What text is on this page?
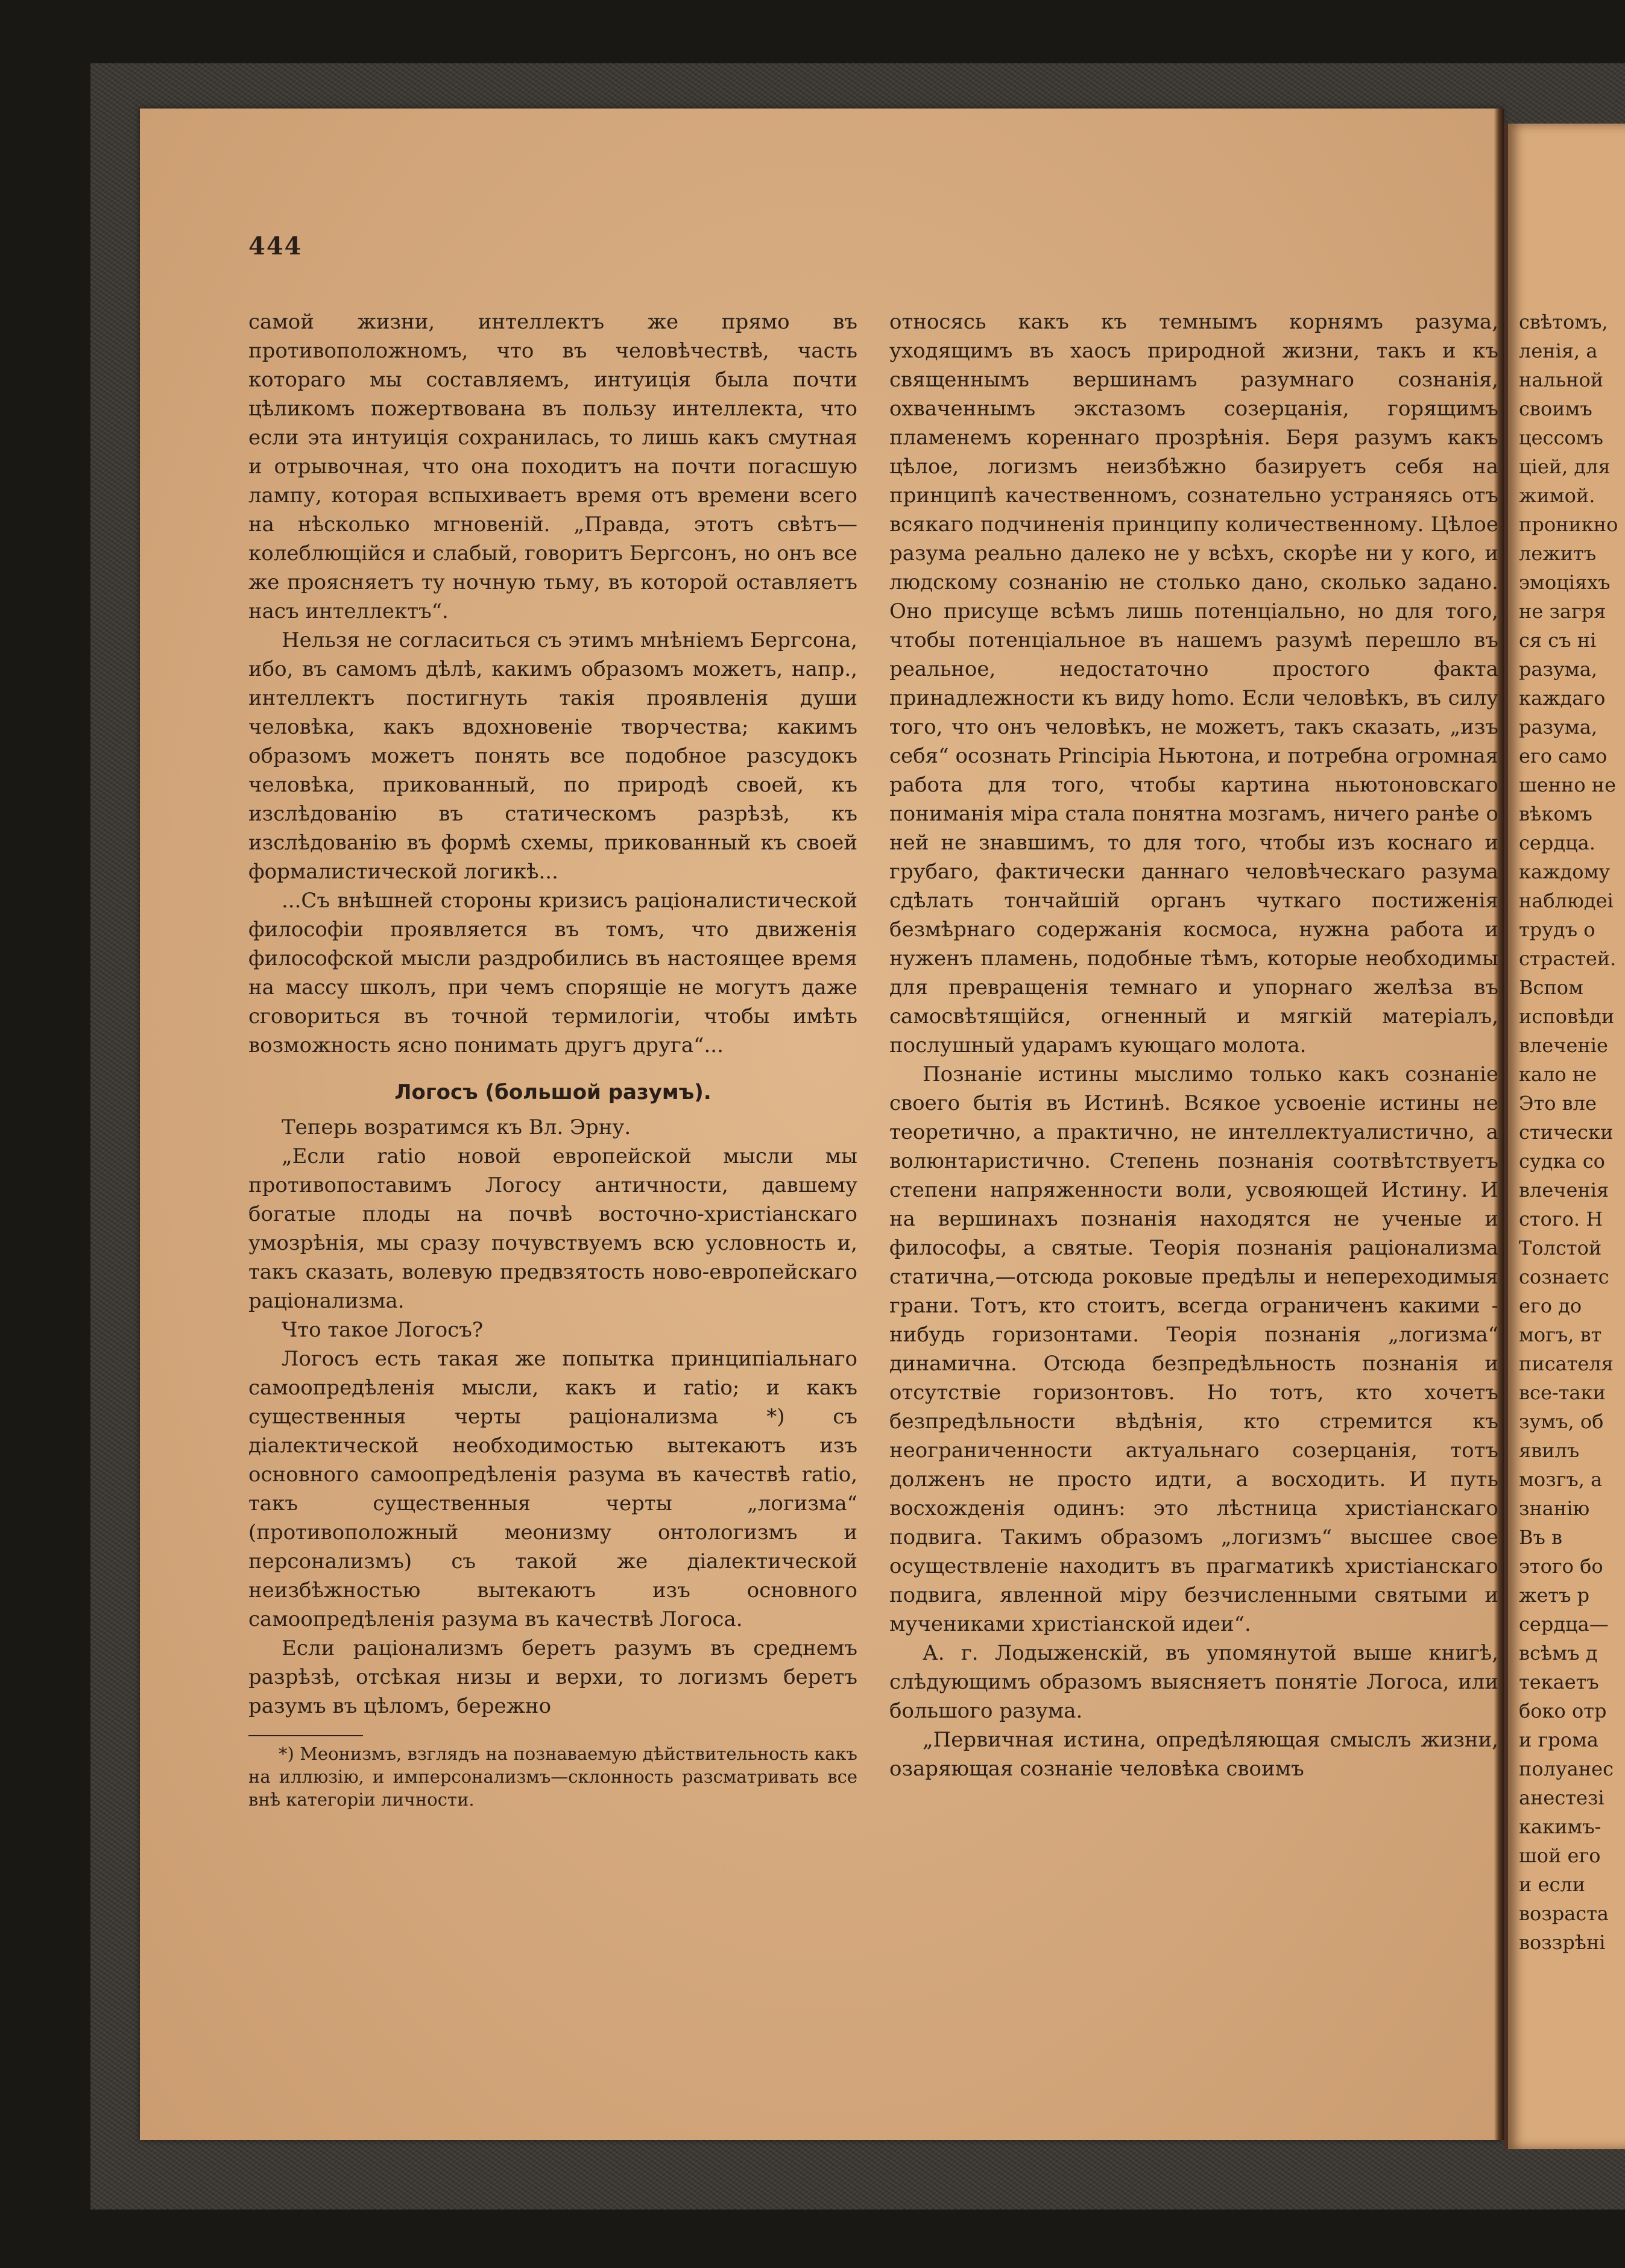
свѣтомъ,
ленія, а
нальной
своимъ
цессомъ
ціей, для
жимой.
проникно
лежитъ
эмоціяхъ
не загря
ся съ ні
разума,
каждаго
разума,
его само
шенно не
вѣкомъ
сердца.
каждому
наблюдеі
трудъ о
страстей.
Вспом
исповѣди
влеченіе
кало не
Это вле
стически
судка со
влеченія
стого. Н
Толстой
сознаетс
его до
могъ, вт
писателя
все-таки
зумъ, об
явилъ
мозгъ, а
знанію
Въ в
этого бо
жетъ р
сердца—
всѣмъ д
текаетъ
боко отр
и грома
полуанес
анестезі
какимъ-
шой его
и если
возраста
воззрѣні
444

самой жизни, интеллектъ же прямо въ противоположномъ, что въ человѣчествѣ, часть котораго мы составляемъ, интуиція была почти цѣликомъ пожертвована въ пользу интеллекта, что если эта интуиція сохранилась, то лишь какъ смутная и отрывочная, что она походитъ на почти погасшую лампу, которая вспыхиваетъ время отъ времени всего на нѣсколько мгновеній. „Правда, этотъ свѣтъ—колеблющійся и слабый, говоритъ Бергсонъ, но онъ все же проясняетъ ту ночную тьму, въ которой оставляетъ насъ интеллектъ“.

Нельзя не согласиться съ этимъ мнѣніемъ Бергсона, ибо, въ самомъ дѣлѣ, какимъ образомъ можетъ, напр., интеллектъ постигнуть такія проявленія души человѣка, какъ вдохновеніе творчества; какимъ образомъ можетъ понять все подобное разсудокъ человѣка, прикованный, по природѣ своей, къ изслѣдованію въ статическомъ разрѣзѣ, къ изслѣдованію въ формѣ схемы, прикованный къ своей формалистической логикѣ...

...Съ внѣшней стороны кризисъ раціоналистической философіи проявляется въ томъ, что движенія философской мысли раздробились въ настоящее время на массу школъ, при чемъ спорящіе не могутъ даже сговориться въ точной термилогіи, чтобы имѣть возможность ясно понимать другъ друга“...

Логосъ (большой разумъ).

Теперь возратимся къ Вл. Эрну.

„Если ratio новой европейской мысли мы противопоставимъ Логосу античности, давшему богатые плоды на почвѣ восточно-христіанскаго умозрѣнія, мы сразу почувствуемъ всю условность и, такъ сказать, волевую предвзятость ново-европейскаго раціонализма.

Что такое Логосъ?

Логосъ есть такая же попытка принципіальнаго самоопредѣленія мысли, какъ и ratio; и какъ существенныя черты раціонализма *) съ діалектической необходимостью вытекаютъ изъ основного самоопредѣленія разума въ качествѣ ratio, такъ существенныя черты „логизма“ (противоположный меонизму онтологизмъ и персонализмъ) съ такой же діалектической неизбѣжностью вытекаютъ изъ основного самоопредѣленія разума въ качествѣ Логоса.

Если раціонализмъ беретъ разумъ въ среднемъ разрѣзѣ, отсѣкая низы и верхи, то логизмъ беретъ разумъ въ цѣломъ, бережно

*) Меонизмъ, взглядъ на познаваемую дѣйствительность какъ на иллюзію, и имперсонализмъ—склонность разсматривать все внѣ категоріи личности.

относясь какъ къ темнымъ корнямъ разума, уходящимъ въ хаосъ природной жизни, такъ и къ священнымъ вершинамъ разумнаго сознанія, охваченнымъ экстазомъ созерцанія, горящимъ пламенемъ кореннаго прозрѣнія. Беря разумъ какъ цѣлое, логизмъ неизбѣжно базируетъ себя на принципѣ качественномъ, сознательно устраняясь отъ всякаго подчиненія принципу количественному. Цѣлое разума реально далеко не у всѣхъ, скорѣе ни у кого, и людскому сознанію не столько дано, сколько задано. Оно присуще всѣмъ лишь потенціально, но для того, чтобы потенціальное въ нашемъ разумѣ перешло въ реальное, недостаточно простого факта принадлежности къ виду homo. Если человѣкъ, въ силу того, что онъ человѣкъ, не можетъ, такъ сказать, „изъ себя“ осознать Principia Ньютона, и потребна огромная работа для того, чтобы картина ньютоновскаго пониманія міра стала понятна мозгамъ, ничего ранѣе о ней не знавшимъ, то для того, чтобы изъ коснаго и грубаго, фактически даннаго человѣческаго разума сдѣлать тончайшій органъ чуткаго постиженія безмѣрнаго содержанія космоса, нужна работа и нуженъ пламень, подобные тѣмъ, которые необходимы для превращенія темнаго и упорнаго желѣза въ самосвѣтящійся, огненный и мягкій матеріалъ, послушный ударамъ кующаго молота.

Познаніе истины мыслимо только какъ сознаніе своего бытія въ Истинѣ. Всякое усвоеніе истины не теоретично, а практично, не интеллектуалистично, а волюнтаристично. Степень познанія соотвѣтствуетъ степени напряженности воли, усвояющей Истину. И на вершинахъ познанія находятся не ученые и философы, а святые. Теорія познанія раціонализма статична,—отсюда роковые предѣлы и непереходимыя грани. Тотъ, кто стоитъ, всегда ограниченъ какими - нибудь горизонтами. Теорія познанія „логизма“ динамична. Отсюда безпредѣльность познанія и отсутствіе горизонтовъ. Но тотъ, кто хочетъ безпредѣльности вѣдѣнія, кто стремится къ неограниченности актуальнаго созерцанія, тотъ долженъ не просто идти, а восходить. И путь восхожденія одинъ: это лѣстница христіанскаго подвига. Такимъ образомъ „логизмъ“ высшее свое осуществленіе находитъ въ прагматикѣ христіанскаго подвига, явленной міру безчисленными святыми и мучениками христіанской идеи“.

А. г. Лодыженскій, въ упомянутой выше книгѣ, слѣдующимъ образомъ выясняетъ понятіе Логоса, или большого разума.

„Первичная истина, опредѣляющая смыслъ жизни, озаряющая сознаніе человѣка своимъ
